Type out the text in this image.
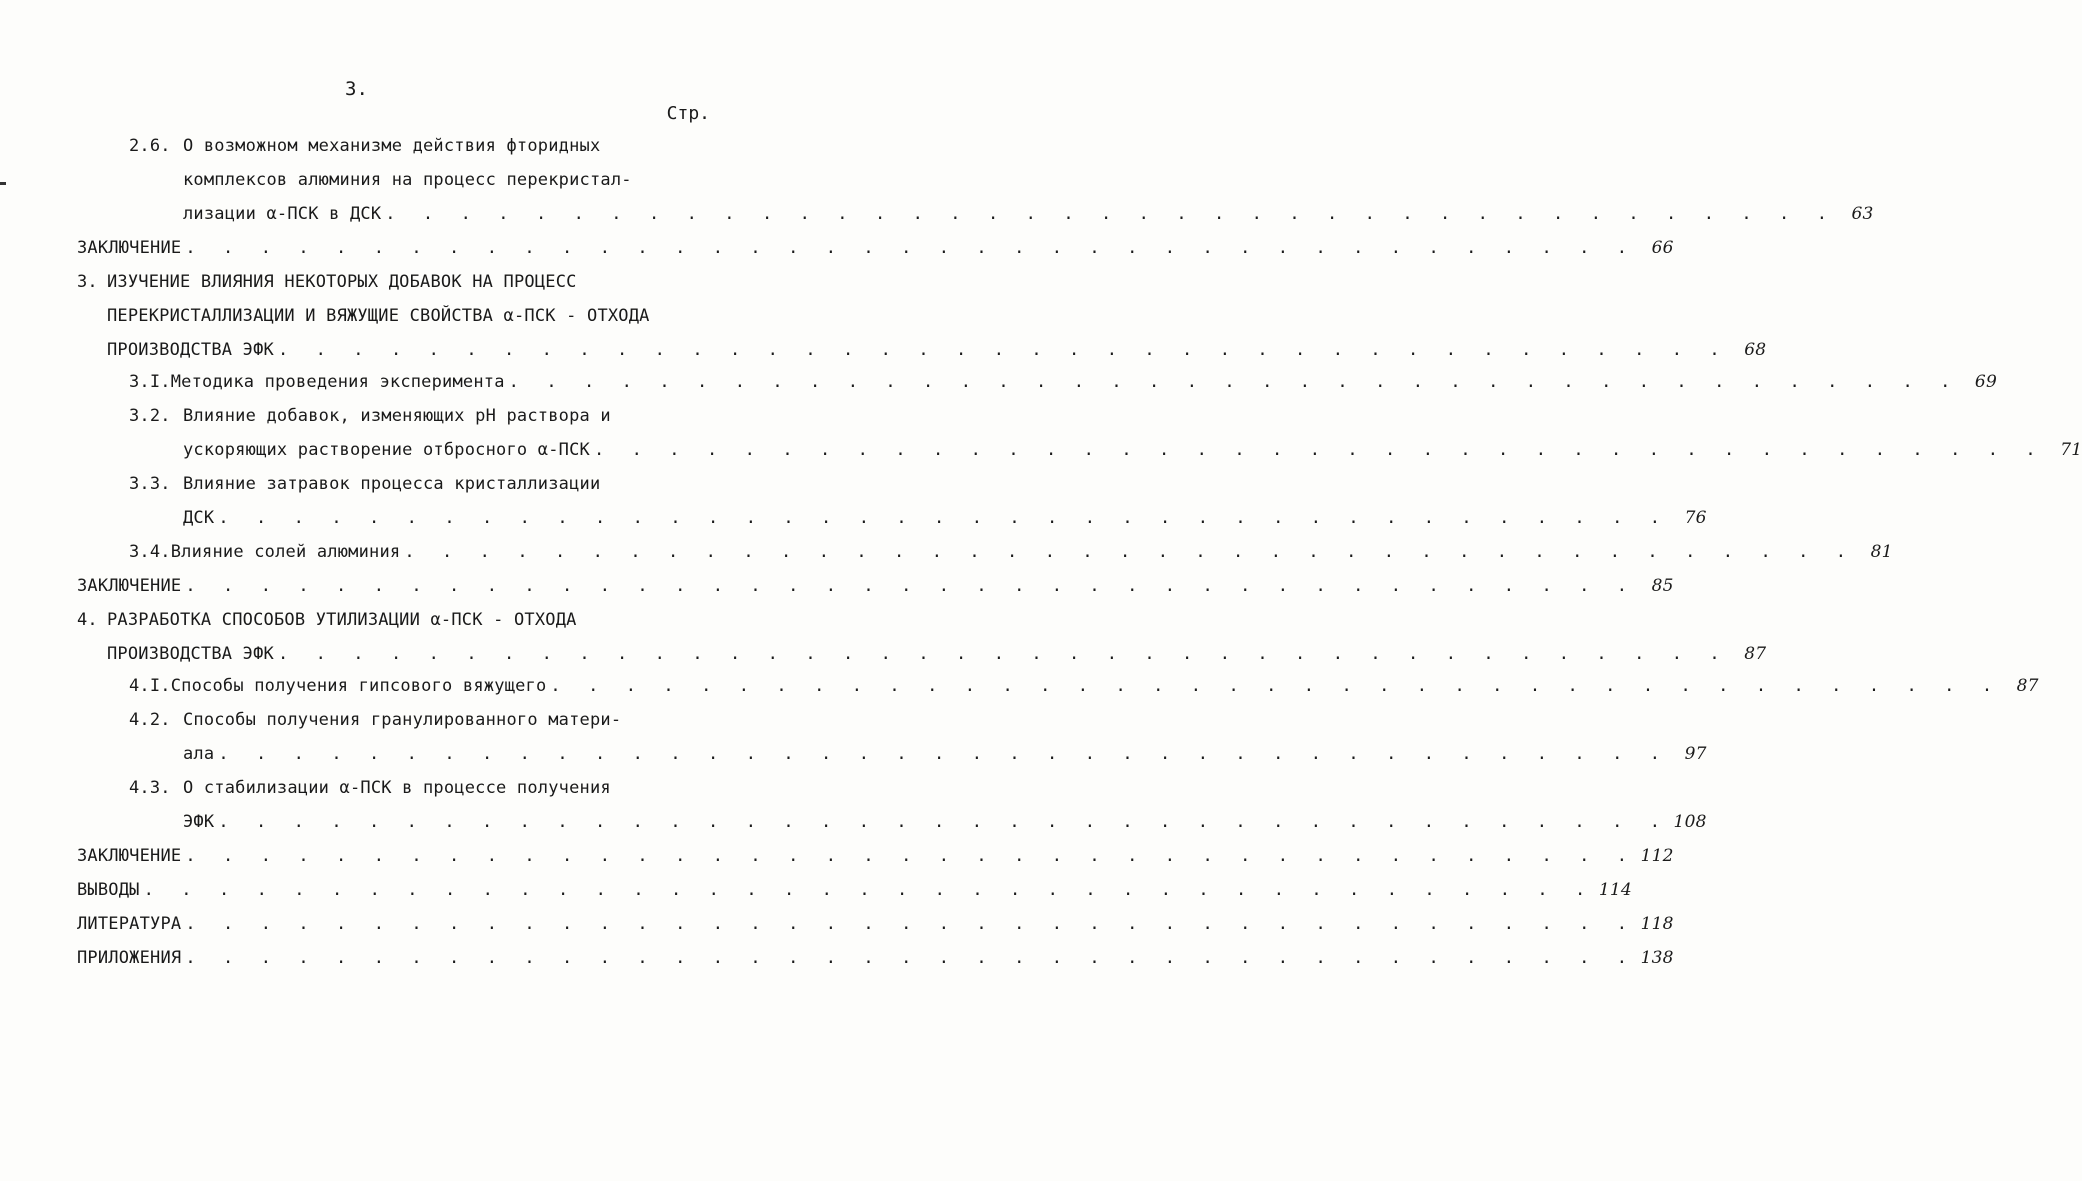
3.
Стр.
2.6. О возможном механизме действия фторидных
комплексов алюминия на процесс перекристал-
лизации α-ПСК в ДСК . . . . . . . . . . . . . . . . . . . . . . . . . . . . . . . . . . . . . . . 63
ЗАКЛЮЧЕНИЕ . . . . . . . . . . . . . . . . . . . . . . . . . . . . . . . . . . . . . . . 66
3. ИЗУЧЕНИЕ ВЛИЯНИЯ НЕКОТОРЫХ ДОБАВОК НА ПРОЦЕСС
ПЕРЕКРИСТАЛЛИЗАЦИИ И ВЯЖУЩИЕ СВОЙСТВА α-ПСК - ОТХОДА
ПРОИЗВОДСТВА ЭФК . . . . . . . . . . . . . . . . . . . . . . . . . . . . . . . . . . . . . . . 68
3.I. Методика проведения эксперимента . . . . . . . . . . . . . . . . . . . . . . . . . . . . . . . . . . . . . . . 69
3.2. Влияние добавок, изменяющих pH раствора и
ускоряющих растворение отбросного α-ПСК . . . . . . . . . . . . . . . . . . . . . . . . . . . . . . . . . . . . . . . 71
3.3. Влияние затравок процесса кристаллизации
ДСК . . . . . . . . . . . . . . . . . . . . . . . . . . . . . . . . . . . . . . . 76
3.4. Влияние солей алюминия . . . . . . . . . . . . . . . . . . . . . . . . . . . . . . . . . . . . . . . 81
ЗАКЛЮЧЕНИЕ . . . . . . . . . . . . . . . . . . . . . . . . . . . . . . . . . . . . . . . 85
4. РАЗРАБОТКА СПОСОБОВ УТИЛИЗАЦИИ α-ПСК - ОТХОДА
ПРОИЗВОДСТВА ЭФК . . . . . . . . . . . . . . . . . . . . . . . . . . . . . . . . . . . . . . . 87
4.I. Способы получения гипсового вяжущего . . . . . . . . . . . . . . . . . . . . . . . . . . . . . . . . . . . . . . . 87
4.2. Способы получения гранулированного матери-
ала . . . . . . . . . . . . . . . . . . . . . . . . . . . . . . . . . . . . . . . 97
4.3. О стабилизации α-ПСК в процессе получения
ЭФК . . . . . . . . . . . . . . . . . . . . . . . . . . . . . . . . . . . . . . . 108
ЗАКЛЮЧЕНИЕ . . . . . . . . . . . . . . . . . . . . . . . . . . . . . . . . . . . . . . . 112
ВЫВОДЫ . . . . . . . . . . . . . . . . . . . . . . . . . . . . . . . . . . . . . . . 114
ЛИТЕРАТУРА . . . . . . . . . . . . . . . . . . . . . . . . . . . . . . . . . . . . . . . 118
ПРИЛОЖЕНИЯ . . . . . . . . . . . . . . . . . . . . . . . . . . . . . . . . . . . . . . . 138
